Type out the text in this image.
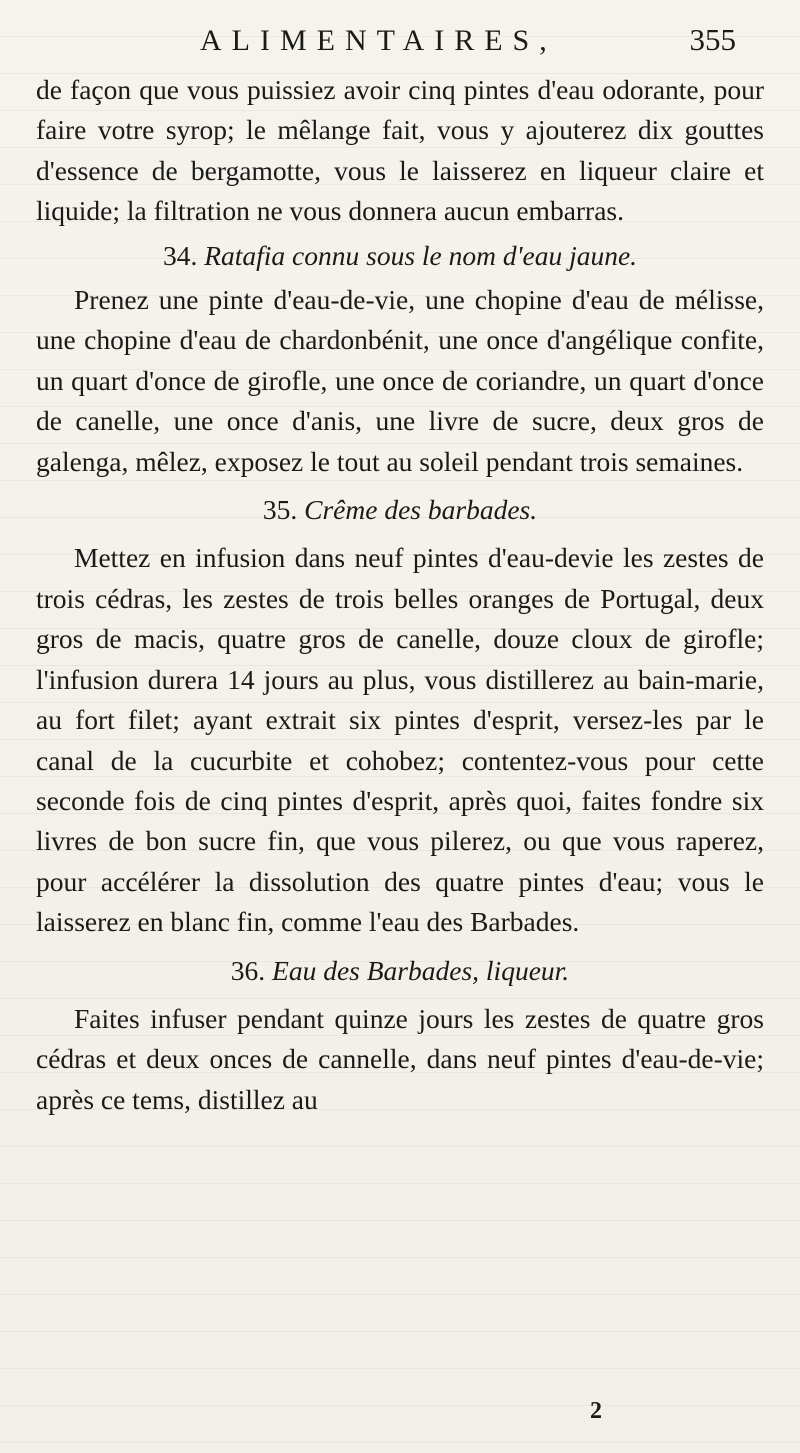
ALIMENTAIRES,	355

de façon que vous puissiez avoir cinq pintes d'eau odorante, pour faire votre syrop; le mêlange fait, vous y ajouterez dix gouttes d'essence de bergamotte, vous le laisserez en liqueur claire et liquide; la filtration ne vous donnera aucun embarras.

34. Ratafia connu sous le nom d'eau jaune.

Prenez une pinte d'eau-de-vie, une chopine d'eau de mélisse, une chopine d'eau de chardonbénit, une once d'angélique confite, un quart d'once de girofle, une once de coriandre, un quart d'once de canelle, une once d'anis, une livre de sucre, deux gros de galenga, mêlez, exposez le tout au soleil pendant trois semaines.

35. Crême des barbades.

Mettez en infusion dans neuf pintes d'eau-devie les zestes de trois cédras, les zestes de trois belles oranges de Portugal, deux gros de macis, quatre gros de canelle, douze cloux de girofle; l'infusion durera 14 jours au plus, vous distillerez au bain-marie, au fort filet; ayant extrait six pintes d'esprit, versez-les par le canal de la cucurbite et cohobez; contentez-vous pour cette seconde fois de cinq pintes d'esprit, après quoi, faites fondre six livres de bon sucre fin, que vous pilerez, ou que vous raperez, pour accélérer la dissolution des quatre pintes d'eau; vous le laisserez en blanc fin, comme l'eau des Barbades.

36. Eau des Barbades, liqueur.

Faites infuser pendant quinze jours les zestes de quatre gros cédras et deux onces de cannelle, dans neuf pintes d'eau-de-vie; après ce tems, distillez au

2
